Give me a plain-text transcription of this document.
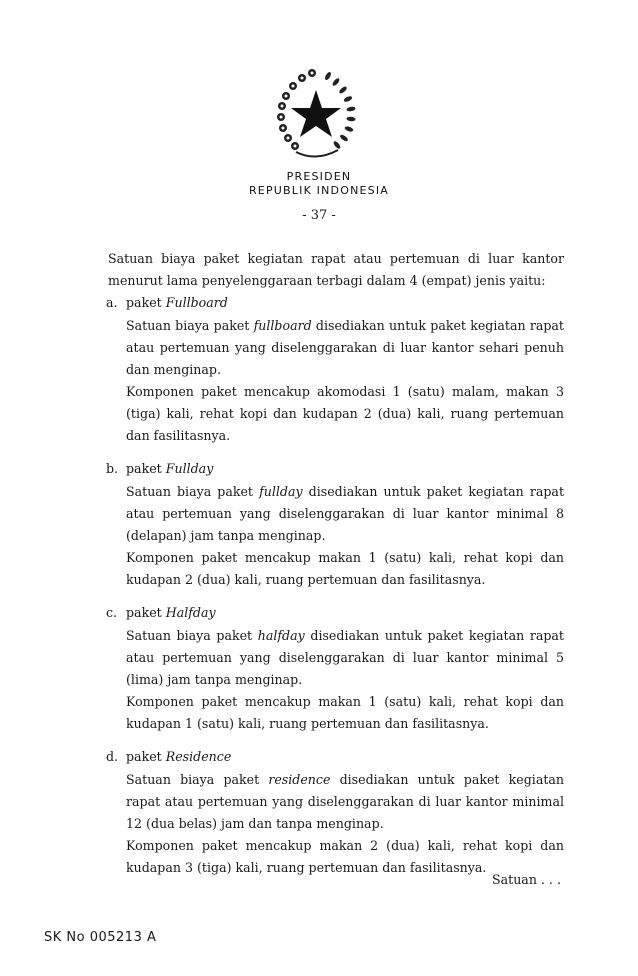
PRESIDEN
REPUBLIK INDONESIA
- 37 -

Satuan biaya paket kegiatan rapat atau pertemuan di luar kantor menurut lama penyelenggaraan terbagi dalam 4 (empat) jenis yaitu:

a. paket Fullboard

Satuan biaya paket fullboard disediakan untuk paket kegiatan rapat atau pertemuan yang diselenggarakan di luar kantor sehari penuh dan menginap.

Komponen paket mencakup akomodasi 1 (satu) malam, makan 3 (tiga) kali, rehat kopi dan kudapan 2 (dua) kali, ruang pertemuan dan fasilitasnya.

b. paket Fullday

Satuan biaya paket fullday disediakan untuk paket kegiatan rapat atau pertemuan yang diselenggarakan di luar kantor minimal 8 (delapan) jam tanpa menginap.

Komponen paket mencakup makan 1 (satu) kali, rehat kopi dan kudapan 2 (dua) kali, ruang pertemuan dan fasilitasnya.

c. paket Halfday

Satuan biaya paket halfday disediakan untuk paket kegiatan rapat atau pertemuan yang diselenggarakan di luar kantor minimal 5 (lima) jam tanpa menginap.

Komponen paket mencakup makan 1 (satu) kali, rehat kopi dan kudapan 1 (satu) kali, ruang pertemuan dan fasilitasnya.

d. paket Residence

Satuan biaya paket residence disediakan untuk paket kegiatan rapat atau pertemuan yang diselenggarakan di luar kantor minimal 12 (dua belas) jam dan tanpa menginap.

Komponen paket mencakup makan 2 (dua) kali, rehat kopi dan kudapan 3 (tiga) kali, ruang pertemuan dan fasilitasnya.

Satuan . . .
SK No 005213 A
